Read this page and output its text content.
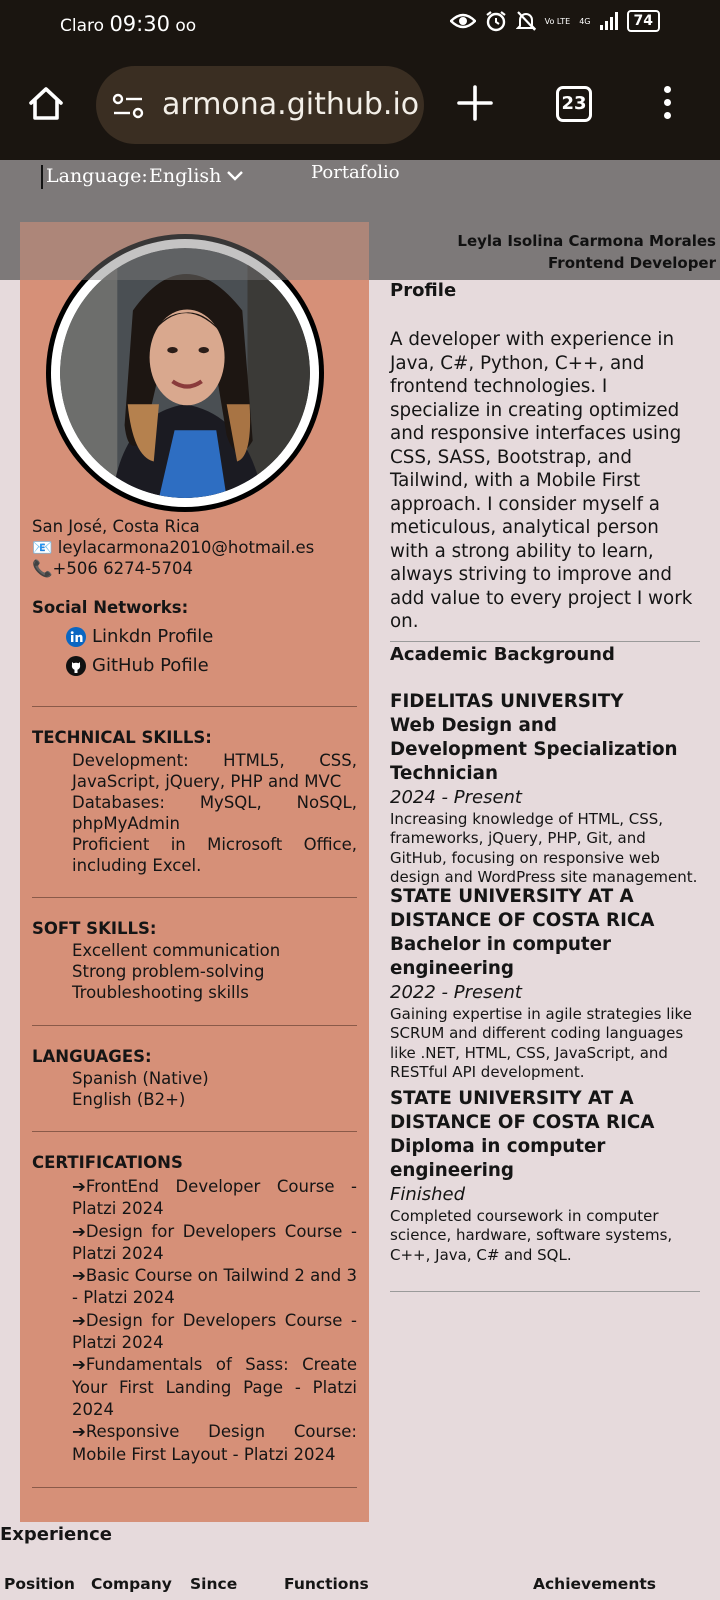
Claro 09:30 oo	Vo LTE 4G	74
armona.github.io	23
Language: English	Portafolio
Leyla Isolina Carmona Morales
Frontend Developer
San José, Costa Rica
📧 leylacarmona2010@hotmail.es
📞+506 6274-5704
Social Networks:
Linkdn Profile
GitHub Pofile
TECHNICAL SKILLS:

Development: HTML5, CSS, JavaScript, jQuery, PHP and MVC

Databases: MySQL, NoSQL, phpMyAdmin

Proficient in Microsoft Office, including Excel.

SOFT SKILLS:

Excellent communication

Strong problem-solving

Troubleshooting skills

LANGUAGES:

Spanish (Native)

English (B2+)

CERTIFICATIONS

➔FrontEnd Developer Course - Platzi 2024

➔Design for Developers Course - Platzi 2024

➔Basic Course on Tailwind 2 and 3 - Platzi 2024

➔Design for Developers Course - Platzi 2024

➔Fundamentals of Sass: Create Your First Landing Page - Platzi 2024

➔Responsive Design Course: Mobile First Layout - Platzi 2024

Profile
A developer with experience in Java, C#, Python, C++, and frontend technologies. I specialize in creating optimized and responsive interfaces using CSS, SASS, Bootstrap, and Tailwind, with a Mobile First approach. I consider myself a meticulous, analytical person with a strong ability to learn, always striving to improve and add value to every project I work on.
Academic Background
FIDELITAS UNIVERSITY
Web Design and Development Specialization Technician
2024 - Present
Increasing knowledge of HTML, CSS, frameworks, jQuery, PHP, Git, and GitHub, focusing on responsive web design and WordPress site management.
STATE UNIVERSITY AT A DISTANCE OF COSTA RICA
Bachelor in computer engineering
2022 - Present
Gaining expertise in agile strategies like SCRUM and different coding languages like .NET, HTML, CSS, JavaScript, and RESTful API development.
STATE UNIVERSITY AT A DISTANCE OF COSTA RICA
Diploma in computer engineering
Finished
Completed coursework in computer science, hardware, software systems, C++, Java, C# and SQL.
Experience
Position Company Since	Functions	Achievements
